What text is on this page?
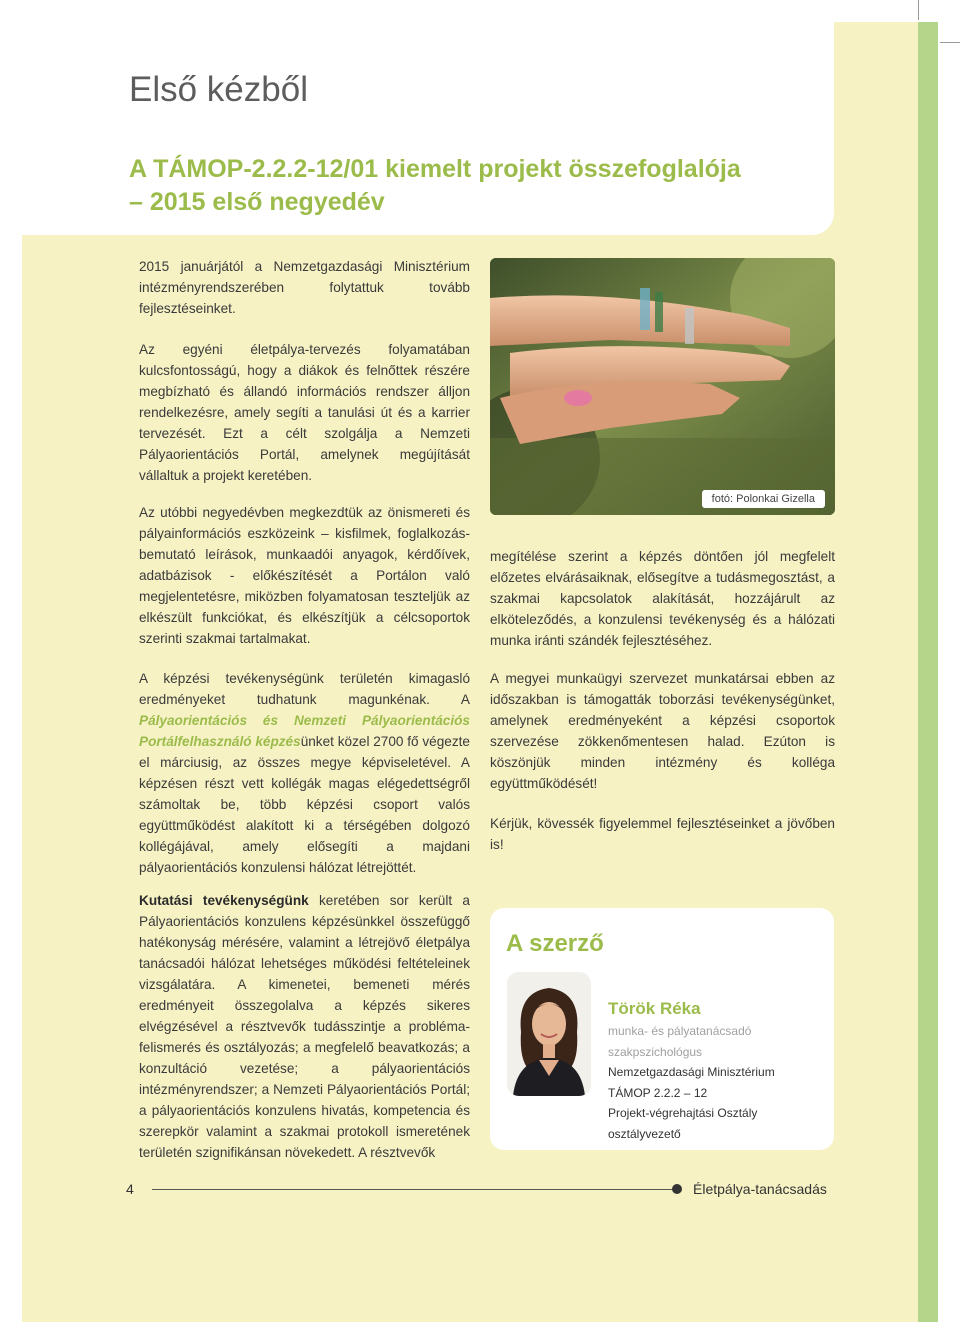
Első kézből
A TÁMOP-2.2.2-12/01 kiemelt projekt összefoglalója
– 2015 első negyedév

2015 januárjától a Nemzetgazdasági Minisztérium intézményrendszerében folytattuk tovább fejlesztéseinket.

Az egyéni életpálya-tervezés folyamatában kulcsfontosságú, hogy a diákok és felnőttek részére megbízható és állandó információs rendszer álljon rendelkezésre, amely segíti a tanulási út és a karrier tervezését. Ezt a célt szolgálja a Nemzeti Pályaorientációs Portál, amelynek megújítását vállaltuk a projekt keretében.

Az utóbbi negyedévben megkezdtük az önismereti és pályainformációs eszközeink – kisfilmek, foglalkozás-bemutató leírások, munkaadói anyagok, kérdőívek, adatbázisok - előkészítését a Portálon való megjelentetésre, miközben folyamatosan teszteljük az elkészült funkciókat, és elkészítjük a célcsoportok szerinti szakmai tartalmakat.

A képzési tevékenységünk területén kimagasló eredményeket tudhatunk magunkénak. A Pályaorientációs és Nemzeti Pályaorientációs Portálfelhasználó képzésünket közel 2700 fő végezte el márciusig, az összes megye képviseletével. A képzésen részt vett kollégák magas elégedettségről számoltak be, több képzési csoport valós együttműködést alakított ki a térségében dolgozó kollégájával, amely elősegíti a majdani pályaorientációs konzulensi hálózat létrejöttét.

Kutatási tevékenységünk keretében sor került a Pályaorientációs konzulens képzésünkkel összefüggő hatékonyság mérésére, valamint a létrejövő életpálya tanácsadói hálózat lehetséges működési feltételeinek vizsgálatára. A kimenetei, bemeneti mérés eredményeit összegolalva a képzés sikeres elvégzésével a résztvevők tudásszintje a probléma-felismerés és osztályozás; a megfelelő beavatkozás; a konzultáció vezetése; a pályaorientációs intézményrendszer; a Nemzeti Pályaorientációs Portál; a pályaorientációs konzulens hivatás, kompetencia és szerepkör valamint a szakmai protokoll ismeretének területén szignifikánsan növekedett. A résztvevők

fotó: Polonkai Gizella

megítélése szerint a képzés döntően jól megfelelt előzetes elvárásaiknak, elősegítve a tudásmegosztást, a szakmai kapcsolatok alakítását, hozzájárult az elköteleződés, a konzulensi tevékenység és a hálózati munka iránti szándék fejlesztéséhez.

A megyei munkaügyi szervezet munkatársai ebben az időszakban is támogatták toborzási tevékenységünket, amelynek eredményeként a képzési csoportok szervezése zökkenőmentesen halad. Ezúton is köszönjük minden intézmény és kolléga együttműködését!

Kérjük, kövessék figyelemmel fejlesztéseinket a jövőben is!

A szerző

Török Réka

munka- és pályatanácsadó
szakpszichológus
Nemzetgazdasági Minisztérium
TÁMOP 2.2.2 – 12
Projekt-végrehajtási Osztály
osztályvezető

4	Életpálya-tanácsadás
